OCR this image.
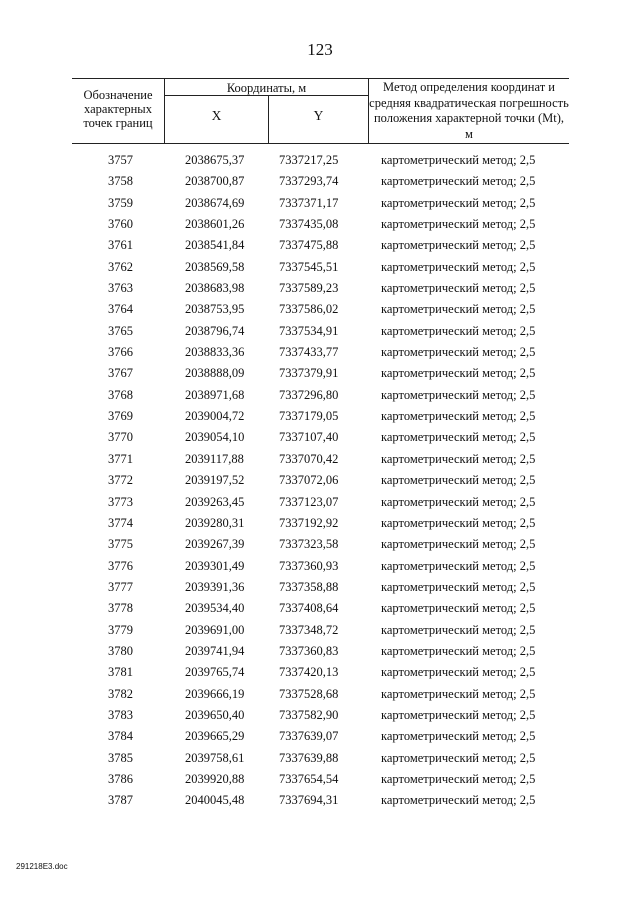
123
Обозначение характерных точек границ
Координаты, м
X	Y
Метод определения координат и средняя квадратическая погрешность положения характерной точки (Mt), м
3757	2038675,37	7337217,25	картометрический метод; 2,5
3758	2038700,87	7337293,74	картометрический метод; 2,5
3759	2038674,69	7337371,17	картометрический метод; 2,5
3760	2038601,26	7337435,08	картометрический метод; 2,5
3761	2038541,84	7337475,88	картометрический метод; 2,5
3762	2038569,58	7337545,51	картометрический метод; 2,5
3763	2038683,98	7337589,23	картометрический метод; 2,5
3764	2038753,95	7337586,02	картометрический метод; 2,5
3765	2038796,74	7337534,91	картометрический метод; 2,5
3766	2038833,36	7337433,77	картометрический метод; 2,5
3767	2038888,09	7337379,91	картометрический метод; 2,5
3768	2038971,68	7337296,80	картометрический метод; 2,5
3769	2039004,72	7337179,05	картометрический метод; 2,5
3770	2039054,10	7337107,40	картометрический метод; 2,5
3771	2039117,88	7337070,42	картометрический метод; 2,5
3772	2039197,52	7337072,06	картометрический метод; 2,5
3773	2039263,45	7337123,07	картометрический метод; 2,5
3774	2039280,31	7337192,92	картометрический метод; 2,5
3775	2039267,39	7337323,58	картометрический метод; 2,5
3776	2039301,49	7337360,93	картометрический метод; 2,5
3777	2039391,36	7337358,88	картометрический метод; 2,5
3778	2039534,40	7337408,64	картометрический метод; 2,5
3779	2039691,00	7337348,72	картометрический метод; 2,5
3780	2039741,94	7337360,83	картометрический метод; 2,5
3781	2039765,74	7337420,13	картометрический метод; 2,5
3782	2039666,19	7337528,68	картометрический метод; 2,5
3783	2039650,40	7337582,90	картометрический метод; 2,5
3784	2039665,29	7337639,07	картометрический метод; 2,5
3785	2039758,61	7337639,88	картометрический метод; 2,5
3786	2039920,88	7337654,54	картометрический метод; 2,5
3787	2040045,48	7337694,31	картометрический метод; 2,5
291218E3.doc
